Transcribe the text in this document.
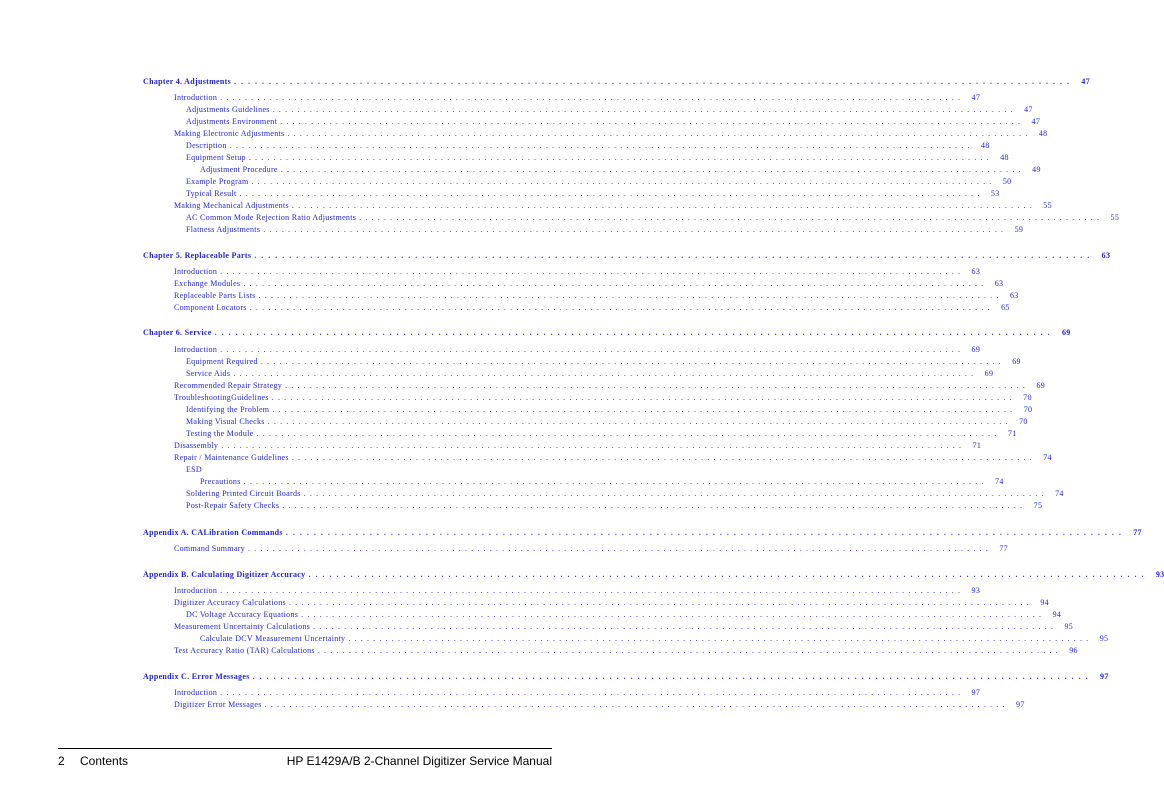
Chapter 4. Adjustments ........................................................................................................................ 47
Introduction ........................................................................................................................ 47
Adjustments Guidelines ........................................................................................................................ 47
Adjustments Environment ........................................................................................................................ 47
Making Electronic Adjustments ........................................................................................................................ 48
Description ........................................................................................................................ 48
Equipment Setup ........................................................................................................................ 48
Adjustment Procedure ........................................................................................................................ 49
Example Program ........................................................................................................................ 50
Typical Result ........................................................................................................................ 53
Making Mechanical Adjustments ........................................................................................................................ 55
AC Common Mode Rejection Ratio Adjustments ........................................................................................................................ 55
Flatness Adjustments ........................................................................................................................ 59
Chapter 5. Replaceable Parts ........................................................................................................................ 63
Introduction ........................................................................................................................ 63
Exchange Modules ........................................................................................................................ 63
Replaceable Parts Lists ........................................................................................................................ 63
Component Locators ........................................................................................................................ 65
Chapter 6. Service ........................................................................................................................ 69
Introduction ........................................................................................................................ 69
Equipment Required ........................................................................................................................ 69
Service Aids ........................................................................................................................ 69
Recommended Repair Strategy ........................................................................................................................ 69
TroubleshootingGuidelines ........................................................................................................................ 70
Identifying the Problem ........................................................................................................................ 70
Making Visual Checks ........................................................................................................................ 70
Testing the Module ........................................................................................................................ 71
Disassembly ........................................................................................................................ 71
Repair / Maintenance Guidelines ........................................................................................................................ 74
Precautions ........................................................................................................................ 74
Soldering Printed Circuit Boards ........................................................................................................................ 74
Post-Repair Safety Checks ........................................................................................................................ 75
Appendix A. CALibration Commands ........................................................................................................................ 77
Command Summary ........................................................................................................................ 77
Appendix B. Calculating Digitizer Accuracy ........................................................................................................................ 93
Introduction ........................................................................................................................ 93
Digitizer Accuracy Calculations ........................................................................................................................ 94
DC Voltage Accuracy Equations ........................................................................................................................ 94
Measurement Uncertainty Calculations ........................................................................................................................ 95
Calculate DCV Measurement Uncertainty ........................................................................................................................ 95
Test Accuracy Ratio (TAR) Calculations ........................................................................................................................ 96
Appendix C. Error Messages ........................................................................................................................ 97
Introduction ........................................................................................................................ 97
Digitizer Error Messages ........................................................................................................................ 97
ESD
2 Contents	HP E1429A/B 2-Channel Digitizer Service Manual
